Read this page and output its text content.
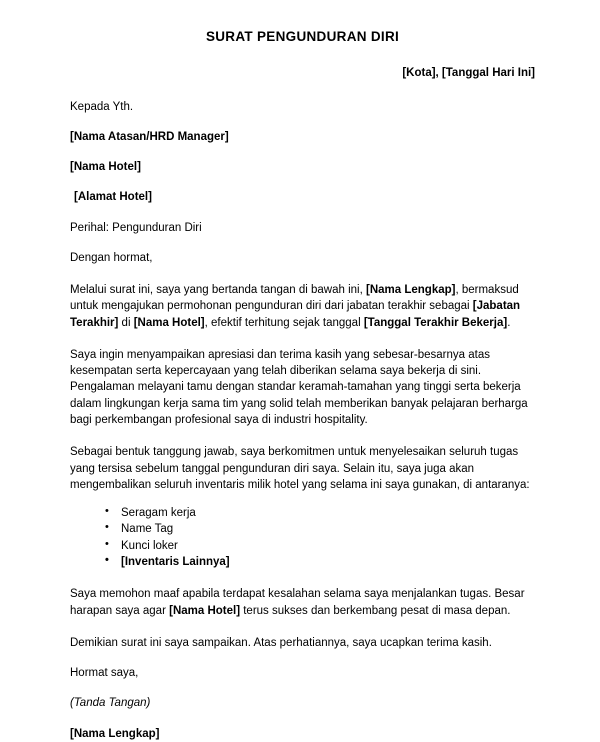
SURAT PENGUNDURAN DIRI
[Kota], [Tanggal Hari Ini]
Kepada Yth.
[Nama Atasan/HRD Manager]
[Nama Hotel]
[Alamat Hotel]
Perihal: Pengunduran Diri
Dengan hormat,

Melalui surat ini, saya yang bertanda tangan di bawah ini, [Nama Lengkap], bermaksud untuk mengajukan permohonan pengunduran diri dari jabatan terakhir sebagai [Jabatan Terakhir] di [Nama Hotel], efektif terhitung sejak tanggal [Tanggal Terakhir Bekerja].

Saya ingin menyampaikan apresiasi dan terima kasih yang sebesar-besarnya atas kesempatan serta kepercayaan yang telah diberikan selama saya bekerja di sini. Pengalaman melayani tamu dengan standar keramah-tamahan yang tinggi serta bekerja dalam lingkungan kerja sama tim yang solid telah memberikan banyak pelajaran berharga bagi perkembangan profesional saya di industri hospitality.

Sebagai bentuk tanggung jawab, saya berkomitmen untuk menyelesaikan seluruh tugas yang tersisa sebelum tanggal pengunduran diri saya. Selain itu, saya juga akan mengembalikan seluruh inventaris milik hotel yang selama ini saya gunakan, di antaranya:

• Seragam kerja
• Name Tag
• Kunci loker
• [Inventaris Lainnya]

Saya memohon maaf apabila terdapat kesalahan selama saya menjalankan tugas. Besar harapan saya agar [Nama Hotel] terus sukses dan berkembang pesat di masa depan.

Demikian surat ini saya sampaikan. Atas perhatiannya, saya ucapkan terima kasih.

Hormat saya,
(Tanda Tangan)
[Nama Lengkap]
